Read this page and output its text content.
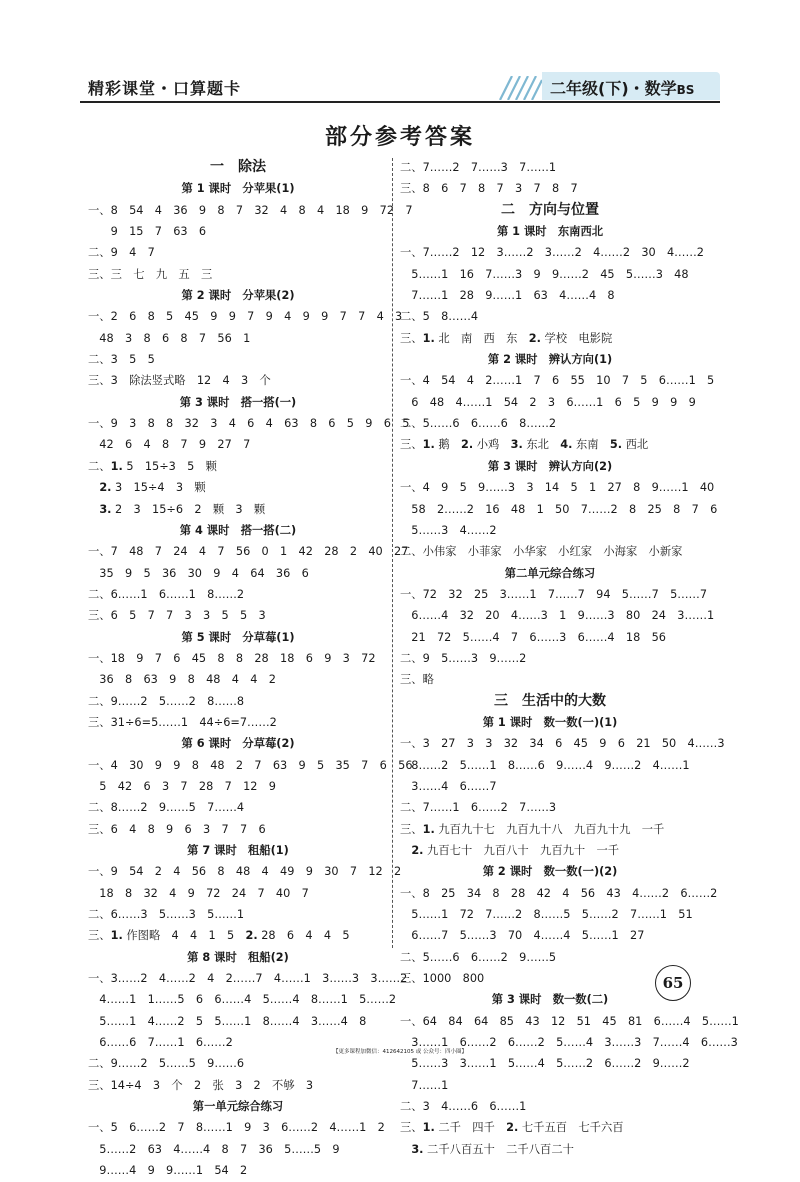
精彩课堂・口算题卡	二年级(下)・数学BS
部分参考答案
一　除法
第 1 课时　分苹果(1)
一、8　54　4　36　9　8　7　32　4　8　4　18　9　72　7
　　9　15　7　63　6
二、9　4　7
三、三　七　九　五　三
第 2 课时　分苹果(2)
一、2　6　8　5　45　9　9　7　9　4　9　9　7　7　4　3
　48　3　8　6　8　7　56　1
二、3　5　5
三、3　除法竖式略　12　4　3　个
第 3 课时　搭一搭(一)
一、9　3　8　8　32　3　4　6　4　63　8　6　5　9　6　5
　42　6　4　8　7　9　27　7
二、1. 5　15÷3　5　颗
　2. 3　15÷4　3　颗
　3. 2　3　15÷6　2　颗　3　颗
第 4 课时　搭一搭(二)
一、7　48　7　24　4　7　56　0　1　42　28　2　40　27
　35　9　5　36　30　9　4　64　36　6
二、6……1　6……1　8……2
三、6　5　7　7　3　3　5　5　3
第 5 课时　分草莓(1)
一、18　9　7　6　45　8　8　28　18　6　9　3　72
　36　8　63　9　8　48　4　4　2
二、9……2　5……2　8……8
三、31÷6=5……1　44÷6=7……2
第 6 课时　分草莓(2)
一、4　30　9　9　8　48　2　7　63　9　5　35　7　6　56
　5　42　6　3　7　28　7　12　9
二、8……2　9……5　7……4
三、6　4　8　9　6　3　7　7　6
第 7 课时　租船(1)
一、9　54　2　4　56　8　48　4　49　9　30　7　12　2
　18　8　32　4　9　72　24　7　40　7
二、6……3　5……3　5……1
三、1. 作图略　4　4　1　5　2. 28　6　4　4　5
第 8 课时　租船(2)
一、3……2　4……2　4　2……7　4……1　3……3　3……2
　4……1　1……5　6　6……4　5……4　8……1　5……2
　5……1　4……2　5　5……1　8……4　3……4　8
　6……6　7……1　6……2
二、9……2　5……5　9……6
三、14÷4　3　个　2　张　3　2　不够　3
第一单元综合练习
一、5　6……2　7　8……1　9　3　6……2　4……1　2
　5……2　63　4……4　8　7　36　5……5　9
　9……4　9　9……1　54　2
二、7……2　7……3　7……1
三、8　6　7　8　7　3　7　8　7
二　方向与位置
第 1 课时　东南西北
一、7……2　12　3……2　3……2　4……2　30　4……2
　5……1　16　7……3　9　9……2　45　5……3　48
　7……1　28　9……1　63　4……4　8
二、5　8……4
三、1. 北　南　西　东　2. 学校　电影院
第 2 课时　辨认方向(1)
一、4　54　4　2……1　7　6　55　10　7　5　6……1　5
　6　48　4……1　54　2　3　6……1　6　5　9　9　9
二、5……6　6……6　8……2
三、1. 鹅　2. 小鸡　3. 东北　4. 东南　5. 西北
第 3 课时　辨认方向(2)
一、4　9　5　9……3　3　14　5　1　27　8　9……1　40
　58　2……2　16　48　1　50　7……2　8　25　8　7　6
　5……3　4……2
二、小伟家　小菲家　小华家　小红家　小海家　小新家
第二单元综合练习
一、72　32　25　3……1　7……7　94　5……7　5……7
　6……4　32　20　4……3　1　9……3　80　24　3……1
　21　72　5……4　7　6……3　6……4　18　56
二、9　5……3　9……2
三、略
三　生活中的大数
第 1 课时　数一数(一)(1)
一、3　27　3　3　32　34　6　45　9　6　21　50　4……3
　8……2　5……1　8……6　9……4　9……2　4……1
　3……4　6……7
二、7……1　6……2　7……3
三、1. 九百九十七　九百九十八　九百九十九　一千
　2. 九百七十　九百八十　九百九十　一千
第 2 课时　数一数(一)(2)
一、8　25　34　8　28　42　4　56　43　4……2　6……2
　5……1　72　7……2　8……5　5……2　7……1　51
　6……7　5……3　70　4……4　5……1　27
二、5……6　6……2　9……5
三、1000　800
第 3 课时　数一数(二)
一、64　84　64　85　43　12　51　45　81　6……4　5……1
　3……1　6……2　6……2　5……4　3……3　7……4　6……3
　5……3　3……1　5……4　5……2　6……2　9……2
　7……1
二、3　4……6　6……1
三、1. 二千　四千　2. 七千五百　七千六百
　3. 二千八百五十　二千八百二十
65
【更多课程加微信：412642105 或 公众号：四小圈】
